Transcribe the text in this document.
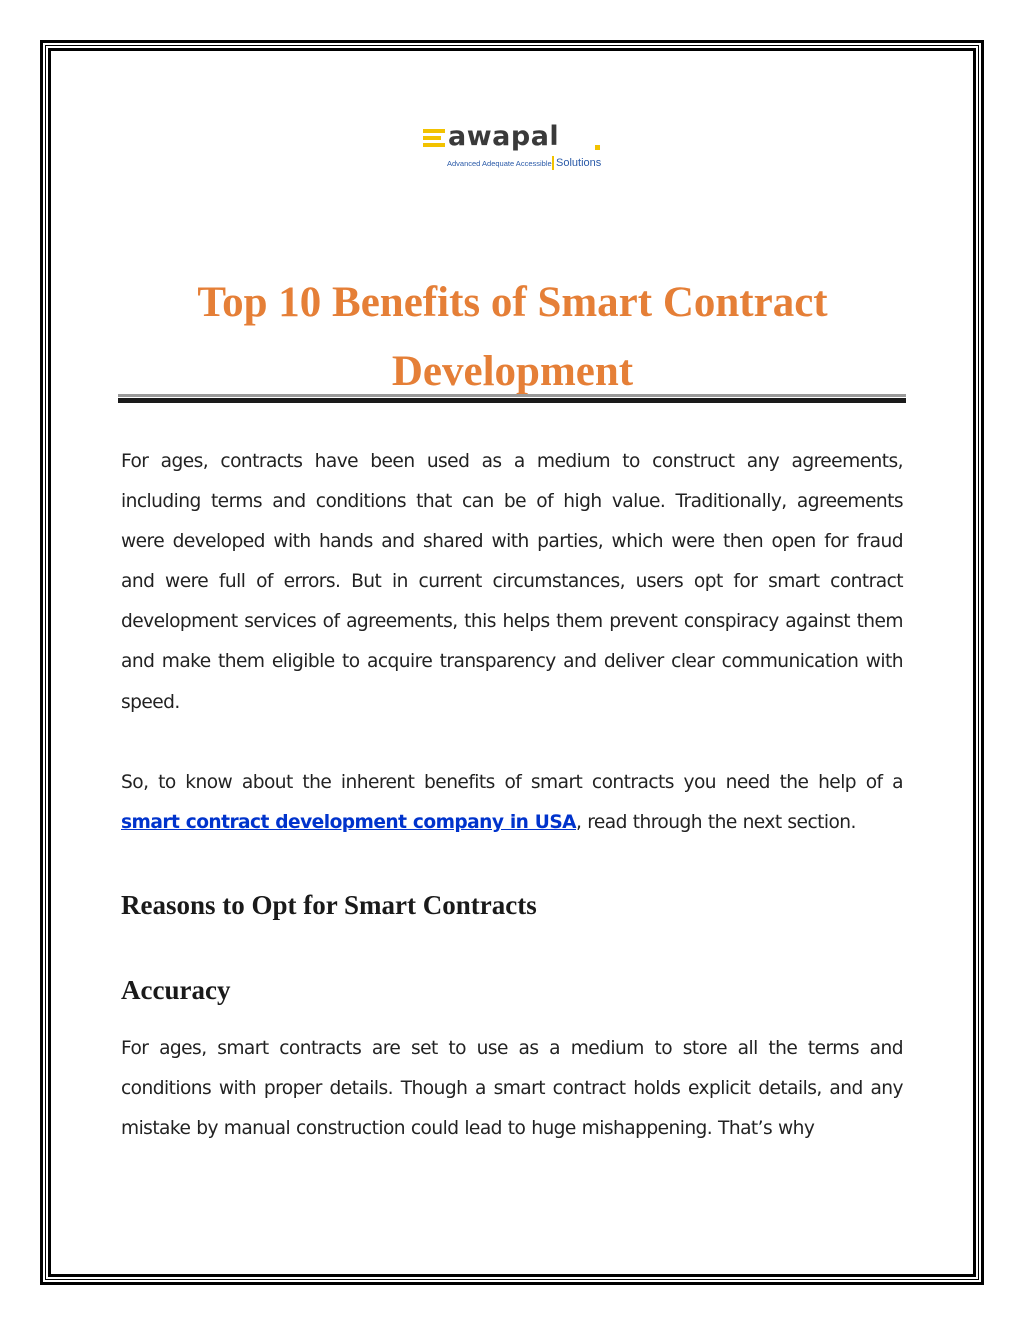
awapal
Advanced Adequate Accessible Solutions
Top 10 Benefits of Smart Contract
Development

For ages, contracts have been used as a medium to construct any agreements, including terms and conditions that can be of high value. Traditionally, agreements were developed with hands and shared with parties, which were then open for fraud and were full of errors. But in current circumstances, users opt for smart contract development services of agreements, this helps them prevent conspiracy against them and make them eligible to acquire transparency and deliver clear communication with speed.

So, to know about the inherent benefits of smart contracts you need the help of a smart contract development company in USA, read through the next section.

Reasons to Opt for Smart Contracts
Accuracy

For ages, smart contracts are set to use as a medium to store all the terms and conditions with proper details. Though a smart contract holds explicit details, and any mistake by manual construction could lead to huge mishappening. That’s why
